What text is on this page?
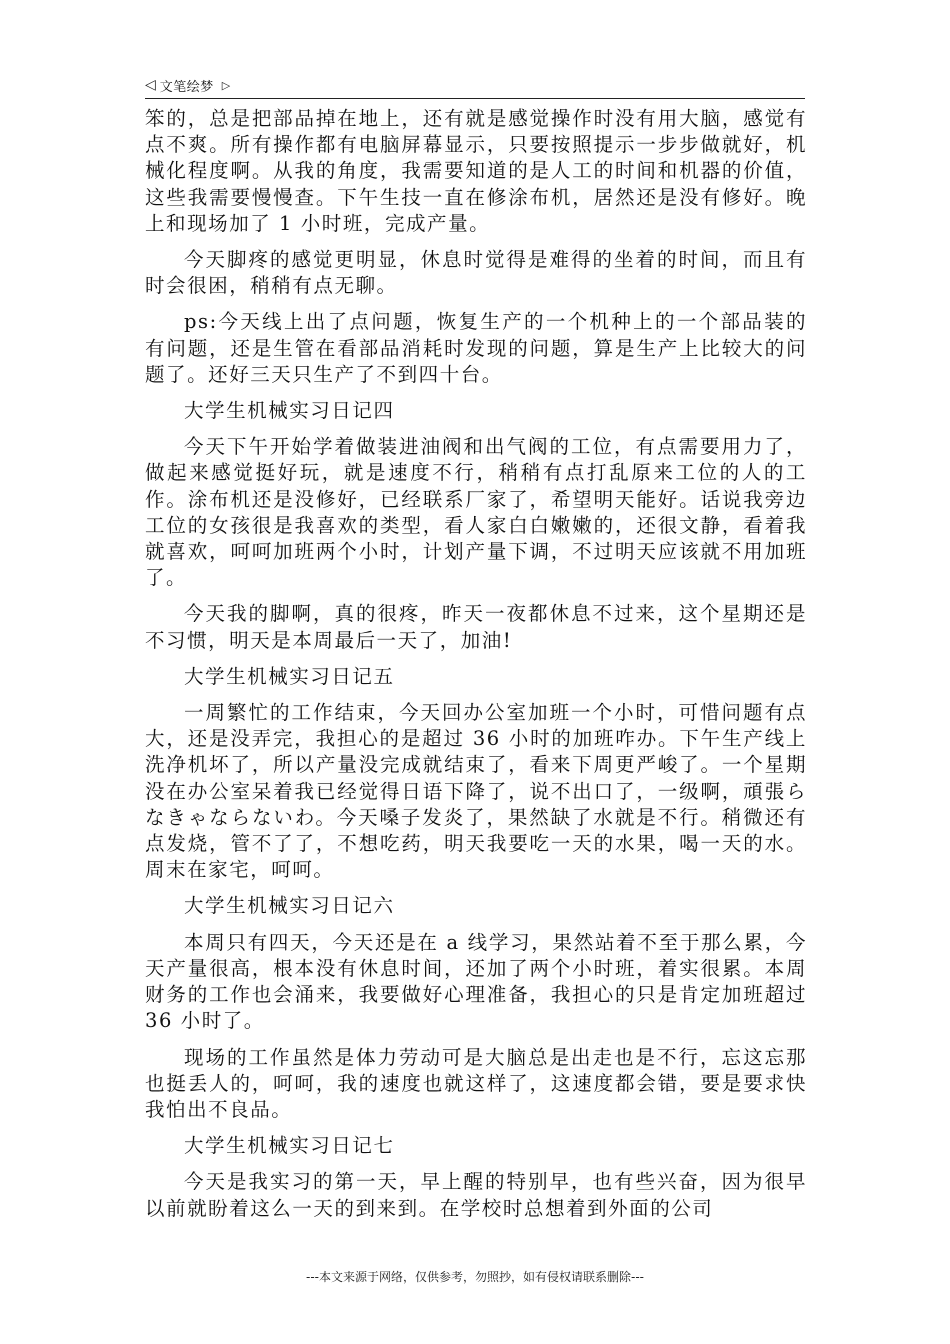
◁ 文笔绘梦 ▷

笨的，总是把部品掉在地上，还有就是感觉操作时没有用大脑，感觉有点不爽。所有操作都有电脑屏幕显示，只要按照提示一步步做就好，机械化程度啊。从我的角度，我需要知道的是人工的时间和机器的价值，这些我需要慢慢查。下午生技一直在修涂布机，居然还是没有修好。晚上和现场加了 1 小时班，完成产量。

今天脚疼的感觉更明显，休息时觉得是难得的坐着的时间，而且有时会很困，稍稍有点无聊。

ps:今天线上出了点问题，恢复生产的一个机种上的一个部品装的有问题，还是生管在看部品消耗时发现的问题，算是生产上比较大的问题了。还好三天只生产了不到四十台。

大学生机械实习日记四

今天下午开始学着做装进油阀和出气阀的工位，有点需要用力了，做起来感觉挺好玩，就是速度不行，稍稍有点打乱原来工位的人的工作。涂布机还是没修好，已经联系厂家了，希望明天能好。话说我旁边工位的女孩很是我喜欢的类型，看人家白白嫩嫩的，还很文静，看着我就喜欢，呵呵加班两个小时，计划产量下调，不过明天应该就不用加班了。

今天我的脚啊，真的很疼，昨天一夜都休息不过来，这个星期还是不习惯，明天是本周最后一天了，加油!

大学生机械实习日记五

一周繁忙的工作结束，今天回办公室加班一个小时，可惜问题有点大，还是没弄完，我担心的是超过 36 小时的加班咋办。下午生产线上洗净机坏了，所以产量没完成就结束了，看来下周更严峻了。一个星期没在办公室呆着我已经觉得日语下降了，说不出口了，一级啊，頑張らなきゃならないわ。今天嗓子发炎了，果然缺了水就是不行。稍微还有点发烧，管不了了，不想吃药，明天我要吃一天的水果，喝一天的水。周末在家宅，呵呵。

大学生机械实习日记六

本周只有四天，今天还是在 a 线学习，果然站着不至于那么累，今天产量很高，根本没有休息时间，还加了两个小时班，着实很累。本周财务的工作也会涌来，我要做好心理准备，我担心的只是肯定加班超过 36 小时了。

现场的工作虽然是体力劳动可是大脑总是出走也是不行，忘这忘那也挺丢人的，呵呵，我的速度也就这样了，这速度都会错，要是要求快我怕出不良品。

大学生机械实习日记七

今天是我实习的第一天，早上醒的特别早，也有些兴奋，因为很早以前就盼着这么一天的到来到。在学校时总想着到外面的公司

---本文来源于网络，仅供参考，勿照抄，如有侵权请联系删除---
